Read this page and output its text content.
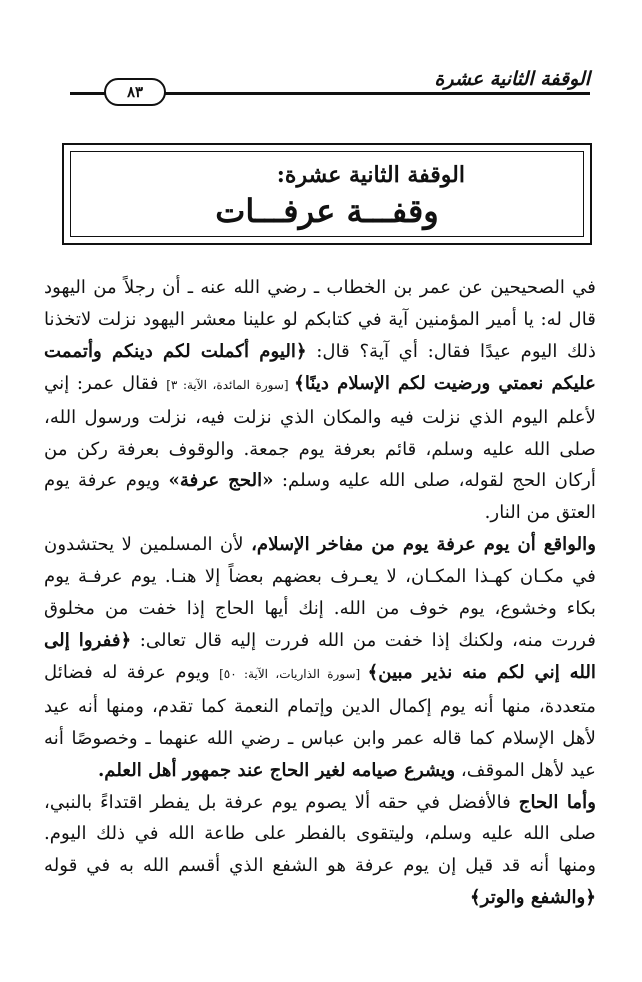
٨٣
الوقفة الثانية عشرة
الوقفة الثانية عشرة:
وقفـــة عرفـــات

في الصحيحين عن عمر بن الخطاب ـ رضي الله عنه ـ أن رجلاً من اليهود قال له: يا أمير المؤمنين آية في كتابكم لو علينا معشر اليهود نزلت لاتخذنا ذلك اليوم عيدًا فقال: أي آية؟ قال: ﴿اليوم أكملت لكم دينكم وأتممت عليكم نعمتي ورضيت لكم الإسلام دينًا﴾ [سورة المائدة، الآية: ٣] فقال عمر: إني لأعلم اليوم الذي نزلت فيه والمكان الذي نزلت فيه، نزلت ورسول الله، صلى الله عليه وسلم، قائم بعرفة يوم جمعة. والوقوف بعرفة ركن من أركان الحج لقوله، صلى الله عليه وسلم: «الحج عرفة» ويوم عرفة يوم العتق من النار.

والواقع أن يوم عرفة يوم من مفاخر الإسلام، لأن المسلمين لا يحتشدون في مكـان كهـذا المكـان، لا يعـرف بعضهم بعضاً إلا هنـا. يوم عرفـة يوم بكاء وخشوع، يوم خوف من الله. إنك أيها الحاج إذا خفت من مخلوق فررت منه، ولكنك إذا خفت من الله فررت إليه قال تعالى: ﴿ففروا إلى الله إني لكم منه نذير مبين﴾ [سورة الذاريات، الآية: ٥٠] ويوم عرفة له فضائل متعددة، منها أنه يوم إكمال الدين وإتمام النعمة كما تقدم، ومنها أنه عيد لأهل الإسلام كما قاله عمر وابن عباس ـ رضي الله عنهما ـ وخصوصًا أنه عيد لأهل الموقف، ويشرع صيامه لغير الحاج عند جمهور أهل العلم.

وأما الحاج فالأفضل في حقه ألا يصوم يوم عرفة بل يفطر اقتداءً بالنبي، صلى الله عليه وسلم، وليتقوى بالفطر على طاعة الله في ذلك اليوم. ومنها أنه قد قيل إن يوم عرفة هو الشفع الذي أقسم الله به في قوله ﴿والشفع والوتر﴾
